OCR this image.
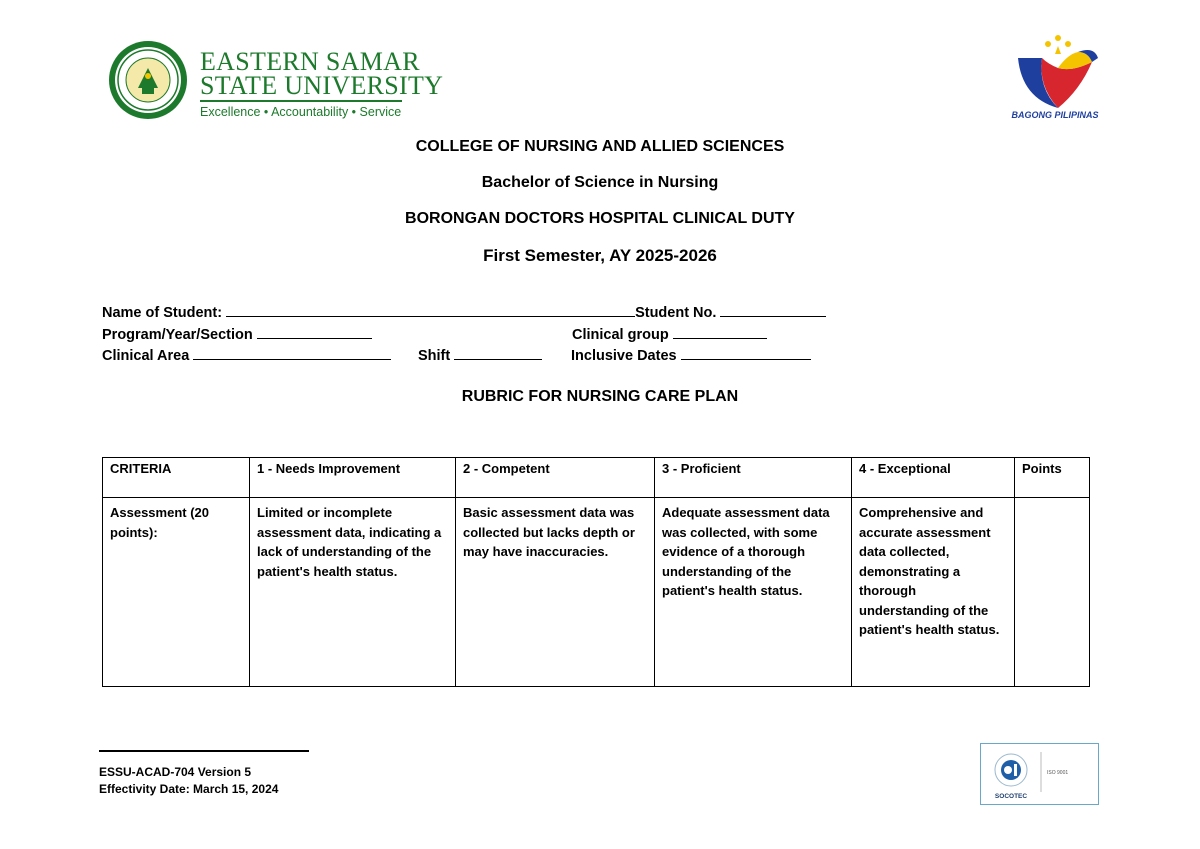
EASTERN SAMAR
STATE UNIVERSITY
Excellence • Accountability • Service	BAGONG PILIPINAS
COLLEGE OF NURSING AND ALLIED SCIENCES
Bachelor of Science in Nursing
BORONGAN DOCTORS HOSPITAL CLINICAL DUTY
First Semester, AY 2025-2026
Name of Student:	Student No.
Program/Year/Section	Clinical group
Clinical Area	Shift	Inclusive Dates
RUBRIC FOR NURSING CARE PLAN
CRITERIA	1 - Needs Improvement	2 - Competent	3 - Proficient	4 - Exceptional	Points
Assessment (20 points):	Limited or incomplete assessment data, indicating a lack of understanding of the patient's health status.	Basic assessment data was collected but lacks depth or may have inaccuracies.	Adequate assessment data was collected, with some evidence of a thorough understanding of the patient's health status.	Comprehensive and accurate assessment data collected, demonstrating a thorough understanding of the patient's health status.	
ESSU-ACAD-704 Version 5
Effectivity Date: March 15, 2024
SOCOTEC
ISO 9001
